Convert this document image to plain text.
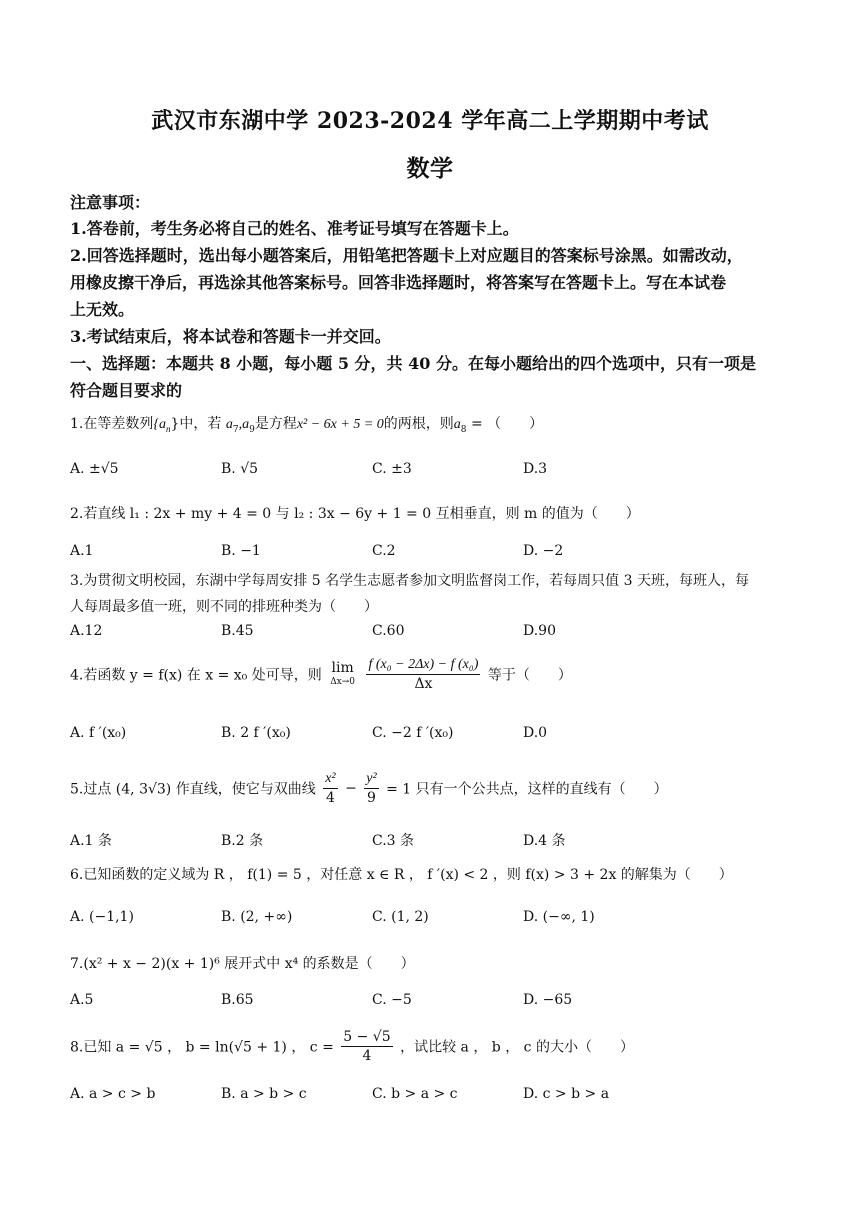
武汉市东湖中学 2023-2024 学年高二上学期期中考试
数学
注意事项：
1.答卷前，考生务必将自己的姓名、准考证号填写在答题卡上。
2.回答选择题时，选出每小题答案后，用铅笔把答题卡上对应题目的答案标号涂黑。如需改动，
用橡皮擦干净后，再选涂其他答案标号。回答非选择题时，将答案写在答题卡上。写在本试卷
上无效。
3.考试结束后，将本试卷和答题卡一并交回。
一、选择题：本题共 8 小题，每小题 5 分，共 40 分。在每小题给出的四个选项中，只有一项是
符合题目要求的
1.在等差数列$\{a_n\}$中，若 $a_7,a_9$是方程x² − 6x + 5 = 0的两根，则$a_8$ = （　　）
A. ±√5	B. √5	C. ±3	D.3
2.若直线 l₁ : 2x + my + 4 = 0 与 l₂ : 3x − 6y + 1 = 0 互相垂直，则 m 的值为（　　）
A.1	B. −1	C.2	D. −2
3.为贯彻文明校园，东湖中学每周安排 5 名学生志愿者参加文明监督岗工作，若每周只值 3 天班，每班人，每
人每周最多值一班，则不同的排班种类为（　　）
A.12	B.45	C.60	D.90
4.若函数 y = f(x) 在 x = x₀ 处可导，则 lim
Δx→0
$\frac{\text{f (x₀ − 2Δx) − f (x₀)}}{\Delta x}$ 等于（　　）
A. f ′(x₀)	B. 2 f ′(x₀)	C. −2 f ′(x₀)	D.0
5.过点 (4, 3√3) 作直线，使它与双曲线 $\frac{\text{x²}}{4} - \frac{\text{y²}}{9} = 1$ 只有一个公共点，这样的直线有（　　）
A.1 条	B.2 条	C.3 条	D.4 条
6.已知函数的定义域为 R ， f(1) = 5 ，对任意 x ∈ R ， f ′(x) < 2 ，则 f(x) > 3 + 2x 的解集为（　　）
A. (−1,1)	B. (2, +∞)	C. (1, 2)	D. (−∞, 1)
7.(x² + x − 2)(x + 1)⁶ 展开式中 x⁴ 的系数是（　　）
A.5	B.65	C. −5	D. −65
8.已知 a = √5 ， b = ln(√5 + 1) ， $c = \frac{5 - √5}{4}$ ，试比较 a ， b ， c 的大小（　　）
A. a > c > b	B. a > b > c	C. b > a > c	D. c > b > a
